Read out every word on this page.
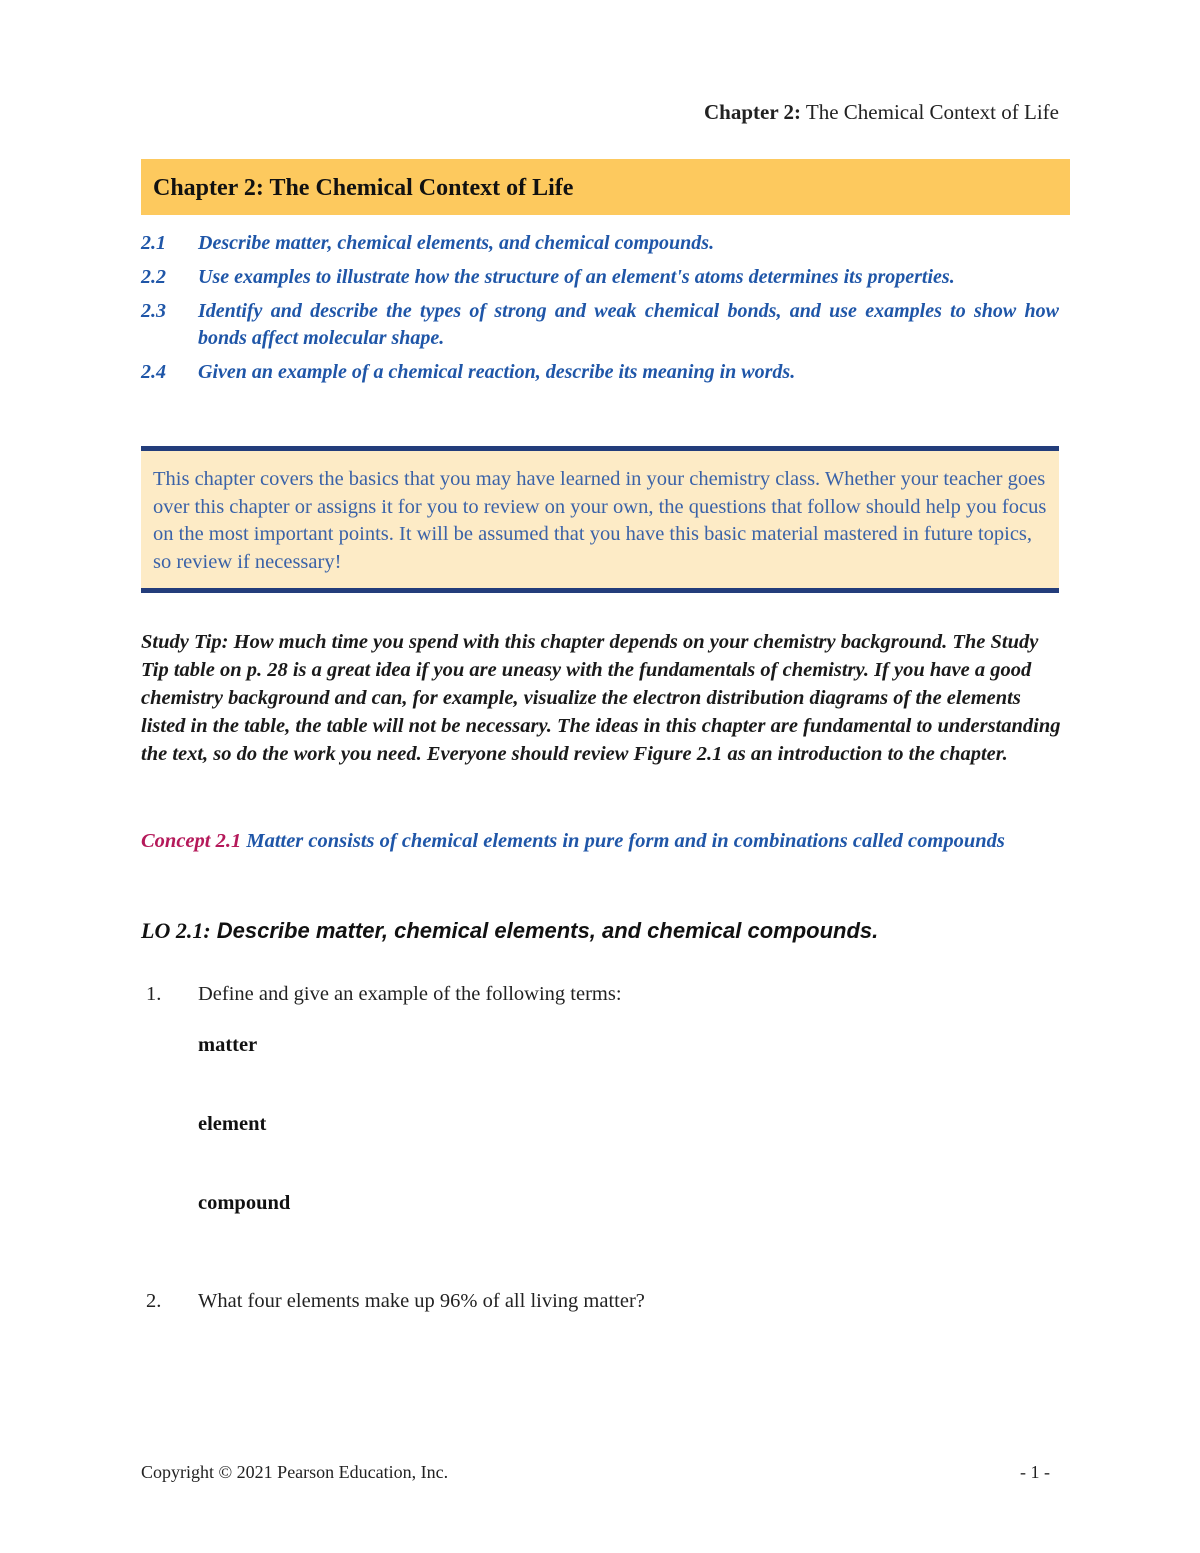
Chapter 2: The Chemical Context of Life
Chapter 2: The Chemical Context of Life
2.1	Describe matter, chemical elements, and chemical compounds.
2.2	Use examples to illustrate how the structure of an element's atoms determines its properties.
2.3	Identify and describe the types of strong and weak chemical bonds, and use examples to show how bonds affect molecular shape.
2.4	Given an example of a chemical reaction, describe its meaning in words.

This chapter covers the basics that you may have learned in your chemistry class. Whether your teacher goes over this chapter or assigns it for you to review on your own, the questions that follow should help you focus on the most important points. It will be assumed that you have this basic material mastered in future topics, so review if necessary!

Study Tip: How much time you spend with this chapter depends on your chemistry background. The Study Tip table on p. 28 is a great idea if you are uneasy with the fundamentals of chemistry. If you have a good chemistry background and can, for example, visualize the electron distribution diagrams of the elements listed in the table, the table will not be necessary. The ideas in this chapter are fundamental to understanding the text, so do the work you need. Everyone should review Figure 2.1 as an introduction to the chapter.

Concept 2.1 Matter consists of chemical elements in pure form and in combinations called compounds

LO 2.1: Describe matter, chemical elements, and chemical compounds.

1. Define and give an example of the following terms:
matter
element
compound
2. What four elements make up 96% of all living matter?
Copyright © 2021 Pearson Education, Inc.	- 1 -
